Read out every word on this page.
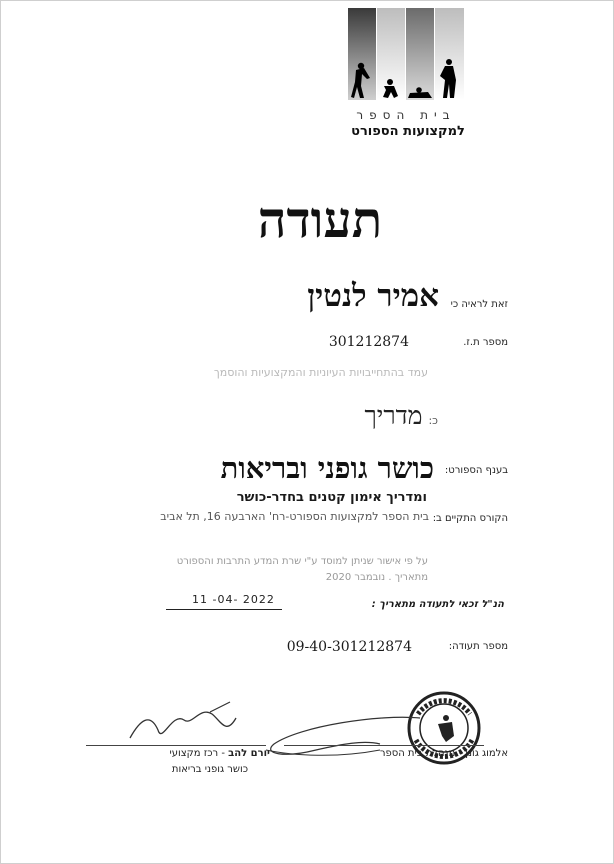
בית הספר
למקצועות הספורט
תעודה
זאת לראיה כי
אמיר לנטין
מספר ת.ז.
301212874
עמד בהתחייבויות העיוניות והמקצועיות והוסמך
כ:מדריך
בענף הספורט:
כושר גופני ובריאות
הקורס התקיים ב:
ומדריך אימון קטנים בחדר-כושר
בית הספר למקצועות הספורט-רח' הארבעה 16, תל אביב
על פי אישור שניתן למוסד ע"י שרת המדע התרבות והספורט
מתאריך . נובמבר 2020
הנ"ל זכאי לתעודה מתאריך :
11 -04- 2022
מספר תעודה:
09-40-301212874
אלמוג גונן - מנהלת בית הספר
יורם להב - רכז מקצועי
כושר גופני בריאות
